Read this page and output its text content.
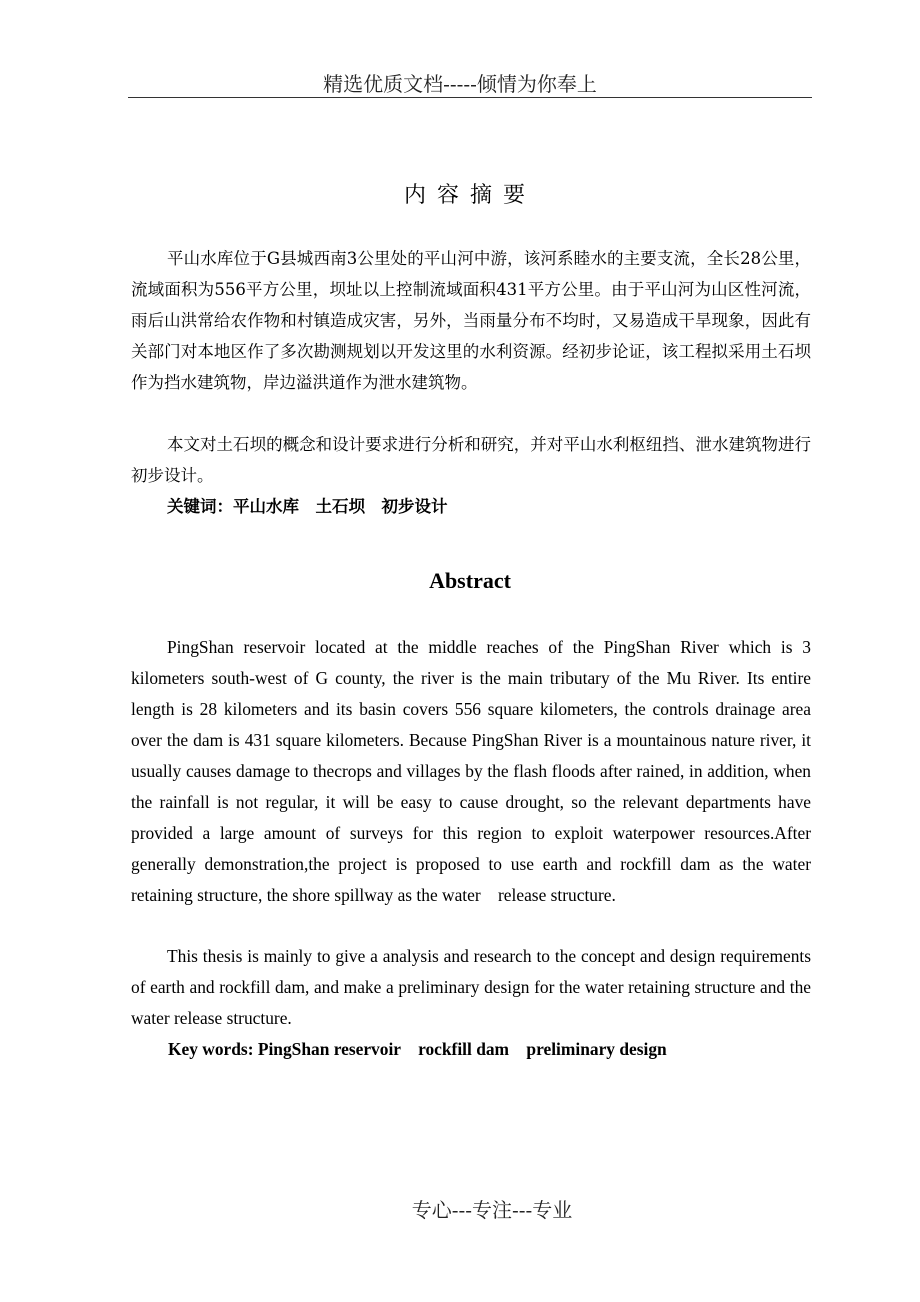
精选优质文档-----倾情为你奉上
内容摘要
平山水库位于G县城西南3公里处的平山河中游，该河系睦水的主要支流，全长28公里，流域面积为556平方公里，坝址以上控制流域面积431平方公里。由于平山河为山区性河流，雨后山洪常给农作物和村镇造成灾害，另外，当雨量分布不均时，又易造成干旱现象，因此有关部门对本地区作了多次勘测规划以开发这里的水利资源。经初步论证，该工程拟采用土石坝作为挡水建筑物，岸边溢洪道作为泄水建筑物。
本文对土石坝的概念和设计要求进行分析和研究，并对平山水利枢纽挡、泄水建筑物进行初步设计。
关键词：平山水库　土石坝　初步设计
Abstract
PingShan reservoir located at the middle reaches of the PingShan River which is 3 kilometers south-west of G county, the river is the main tributary of the Mu River. Its entire length is 28 kilometers and its basin covers 556 square kilometers, the controls drainage area over the dam is 431 square kilometers. Because PingShan River is a mountainous nature river, it usually causes damage to thecrops and villages by the flash floods after rained, in addition, when the rainfall is not regular, it will be easy to cause drought, so the relevant departments have provided a large amount of surveys for this region to exploit waterpower resources.After generally demonstration,the project is proposed to use earth and rockfill dam as the water retaining structure, the shore spillway as the water　release structure.
This thesis is mainly to give a analysis and research to the concept and design requirements of earth and rockfill dam, and make a preliminary design for the water retaining structure and the water release structure.
Key words: PingShan reservoir　rockfill dam　preliminary design
专心---专注---专业
